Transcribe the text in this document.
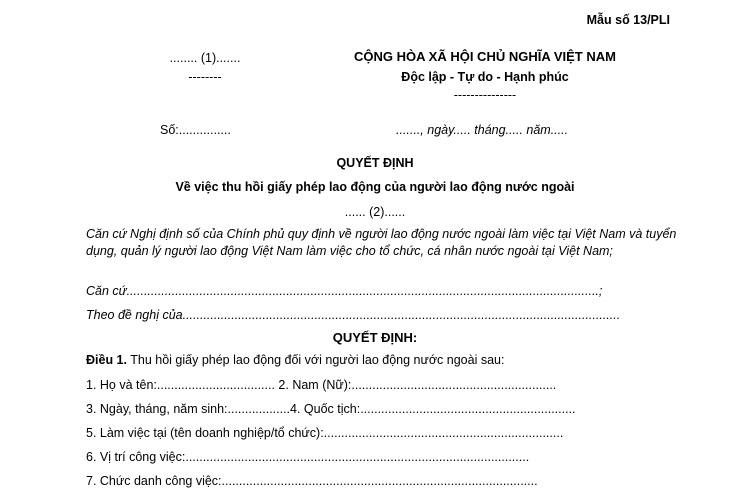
Mẫu số 13/PLI
........ (1).......
--------
CỘNG HÒA XÃ HỘI CHỦ NGHĨA VIỆT NAM
Độc lập - Tự do - Hạnh phúc
---------------
Số:...............	......., ngày..... tháng..... năm.....
QUYẾT ĐỊNH
Về việc thu hồi giấy phép lao động của người lao động nước ngoài
...... (2)......
Căn cứ Nghị định số của Chính phủ quy định về người lao động nước ngoài làm việc tại Việt Nam và tuyển dụng, quản lý người lao động Việt Nam làm việc cho tổ chức, cá nhân nước ngoài tại Việt Nam;
Căn cứ........................................................................................................................................;
Theo đề nghị của..............................................................................................................................
QUYẾT ĐỊNH:
Điều 1. Thu hồi giấy phép lao động đối với người lao động nước ngoài sau:
1. Họ và tên:.................................. 2. Nam (Nữ):...........................................................
3. Ngày, tháng, năm sinh:..................4. Quốc tịch:..............................................................
5. Làm việc tại (tên doanh nghiệp/tổ chức):.....................................................................
6. Vị trí công việc:...................................................................................................
7. Chức danh công việc:...........................................................................................
